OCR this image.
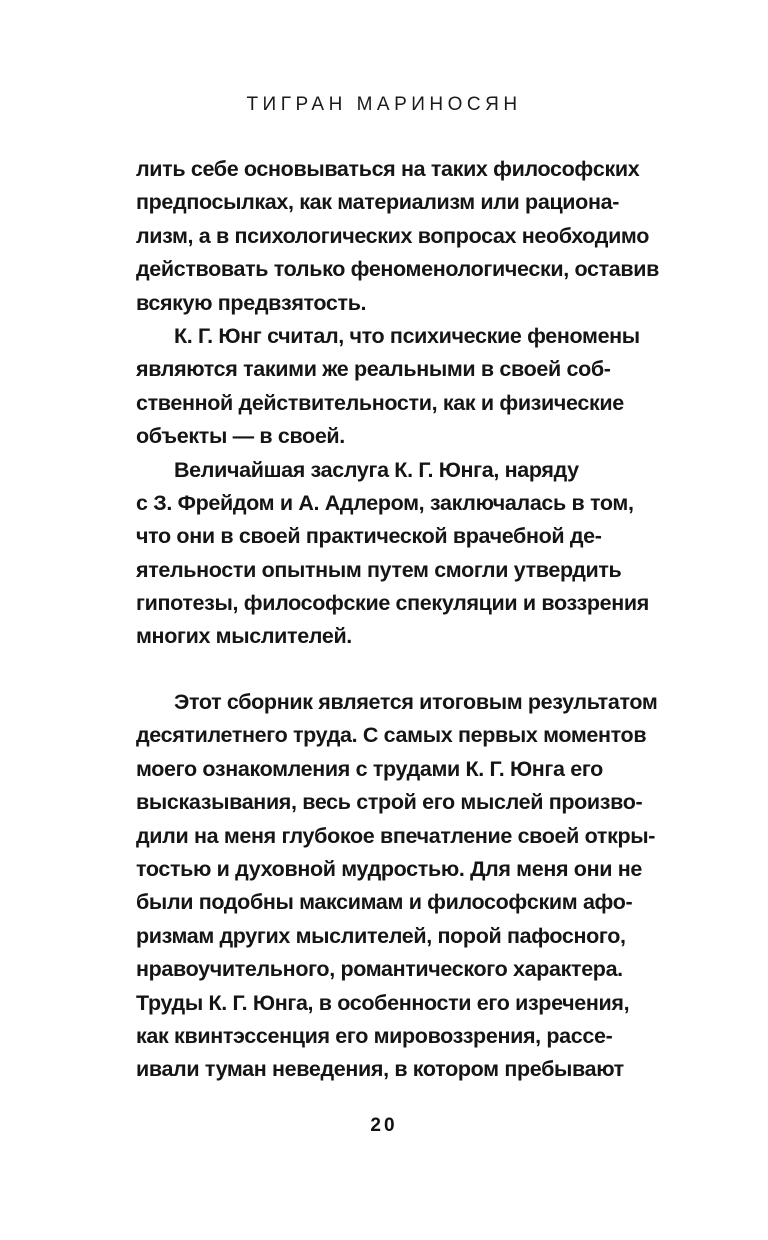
ТИГРАН МАРИНОСЯН
лить себе основываться на таких философских
предпосылках, как материализм или рациона-
лизм, а в психологических вопросах необходимо
действовать только феноменологически, оставив
всякую предвзятость.
К. Г. Юнг считал, что психические феномены
являются такими же реальными в своей соб-
ственной действительности, как и физические
объекты — в своей.
Величайшая заслуга К. Г. Юнга, наряду
с З. Фрейдом и А. Адлером, заключалась в том,
что они в своей практической врачебной де-
ятельности опытным путем смогли утвердить
гипотезы, философские спекуляции и воззрения
многих мыслителей.
Этот сборник является итоговым результатом
десятилетнего труда. С самых первых моментов
моего ознакомления с трудами К. Г. Юнга его
высказывания, весь строй его мыслей произво-
дили на меня глубокое впечатление своей откры-
тостью и духовной мудростью. Для меня они не
были подобны максимам и философским афо-
ризмам других мыслителей, порой пафосного,
нравоучительного, романтического характера.
Труды К. Г. Юнга, в особенности его изречения,
как квинтэссенция его мировоззрения, рассе-
ивали туман неведения, в котором пребывают
20
